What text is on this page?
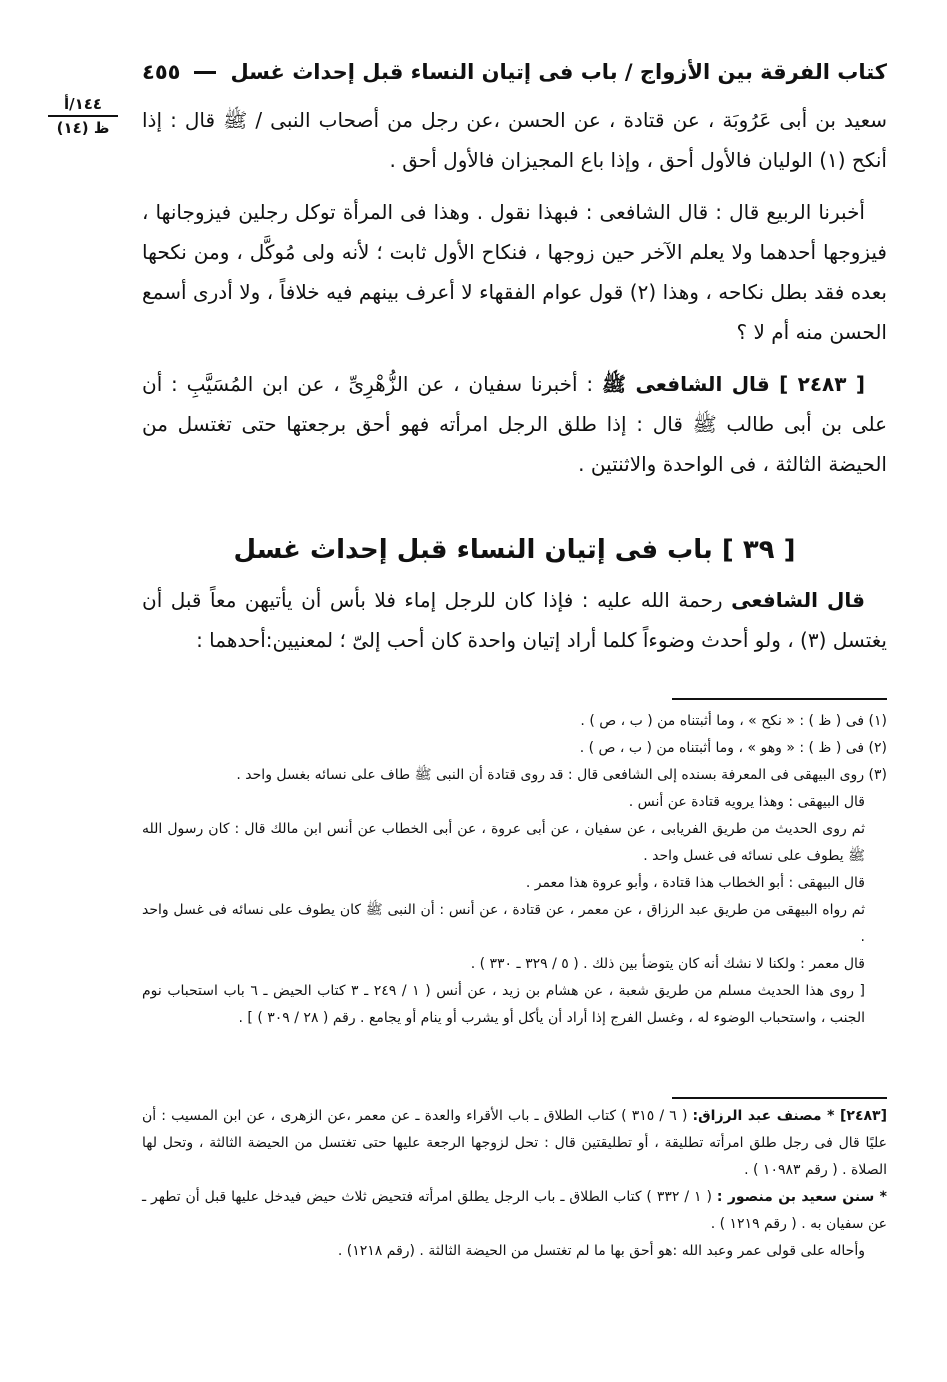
كتاب الفرقة بين الأزواج / باب فى إتيان النساء قبل إحداث غسل
٤٥٥
١٤٤/أ
ظ (١٤)	سعيد بن أبى عَرُوبَة ، عن قتادة ، عن الحسن ،عن رجل من أصحاب النبى / ﷺ قال : إذا أنكح (١) الوليان فالأول أحق ، وإذا باع المجيزان فالأول أحق .

أخبرنا الربيع قال : قال الشافعى : فبهذا نقول . وهذا فى المرأة توكل رجلين فيزوجانها ، فيزوجها أحدهما ولا يعلم الآخر حين زوجها ، فنكاح الأول ثابت ؛ لأنه ولى مُوكَّل ، ومن نكحها بعده فقد بطل نكاحه ، وهذا (٢) قول عوام الفقهاء لا أعرف بينهم فيه خلافاً ، ولا أدرى أسمع الحسن منه أم لا ؟

[ ٢٤٨٣ ] قال الشافعى ﷺ : أخبرنا سفيان ، عن الزُّهْرِىِّ ، عن ابن المُسَيَّبِ : أن على بن أبى طالب ﷺ قال : إذا طلق الرجل امرأته فهو أحق برجعتها حتى تغتسل من الحيضة الثالثة ، فى الواحدة والاثنتين .

[ ٣٩ ] باب فى إتيان النساء قبل إحداث غسل

قال الشافعى رحمة الله عليه : فإذا كان للرجل إماء فلا بأس أن يأتيهن معاً قبل أن يغتسل (٣) ، ولو أحدث وضوءاً كلما أراد إتيان واحدة كان أحب إلىّ ؛ لمعنيين:أحدهما :

(١) فى ( ظ ) : « نكح » ، وما أثبتناه من ( ب ، ص ) .

(٢) فى ( ظ ) : « وهو » ، وما أثبتناه من ( ب ، ص ) .

(٣) روى البيهقى فى المعرفة بسنده إلى الشافعى قال : قد روى قتادة أن النبى ﷺ طاف على نسائه بغسل واحد .

قال البيهقى : وهذا يرويه قتادة عن أنس .

ثم روى الحديث من طريق الفريابى ، عن سفيان ، عن أبى عروة ، عن أبى الخطاب عن أنس ابن مالك قال : كان رسول الله ﷺ يطوف على نسائه فى غسل واحد .

قال البيهقى : أبو الخطاب هذا قتادة ، وأبو عروة هذا معمر .

ثم رواه البيهقى من طريق عبد الرزاق ، عن معمر ، عن قتادة ، عن أنس : أن النبى ﷺ كان يطوف على نسائه فى غسل واحد .

قال معمر : ولكنا لا نشك أنه كان يتوضأ بين ذلك . ( ٥ / ٣٢٩ ـ ٣٣٠ ) .

[ روى هذا الحديث مسلم من طريق شعبة ، عن هشام بن زيد ، عن أنس ( ١ / ٢٤٩ ـ ٣ كتاب الحيض ـ ٦ باب استحباب نوم الجنب ، واستحباب الوضوء له ، وغسل الفرج إذا أراد أن يأكل أو يشرب أو ينام أو يجامع . رقم ( ٢٨ / ٣٠٩ ) ] .

[٢٤٨٣] * مصنف عبد الرزاق: ( ٦ / ٣١٥ ) كتاب الطلاق ـ باب الأقراء والعدة ـ عن معمر ،عن الزهرى ، عن ابن المسيب : أن عليًا قال فى رجل طلق امرأته تطليقة ، أو تطليقتين قال : تحل لزوجها الرجعة عليها حتى تغتسل من الحيضة الثالثة ، وتحل لها الصلاة . ( رقم ١٠٩٨٣ ) .

* سنن سعيد بن منصور : ( ١ / ٣٣٢ ) كتاب الطلاق ـ باب الرجل يطلق امرأته فتحيض ثلاث حيض فيدخل عليها قبل أن تطهر ـ عن سفيان به . ( رقم ١٢١٩ ) .

وأحاله على قولى عمر وعبد الله :هو أحق بها ما لم تغتسل من الحيضة الثالثة . (رقم ١٢١٨) .
